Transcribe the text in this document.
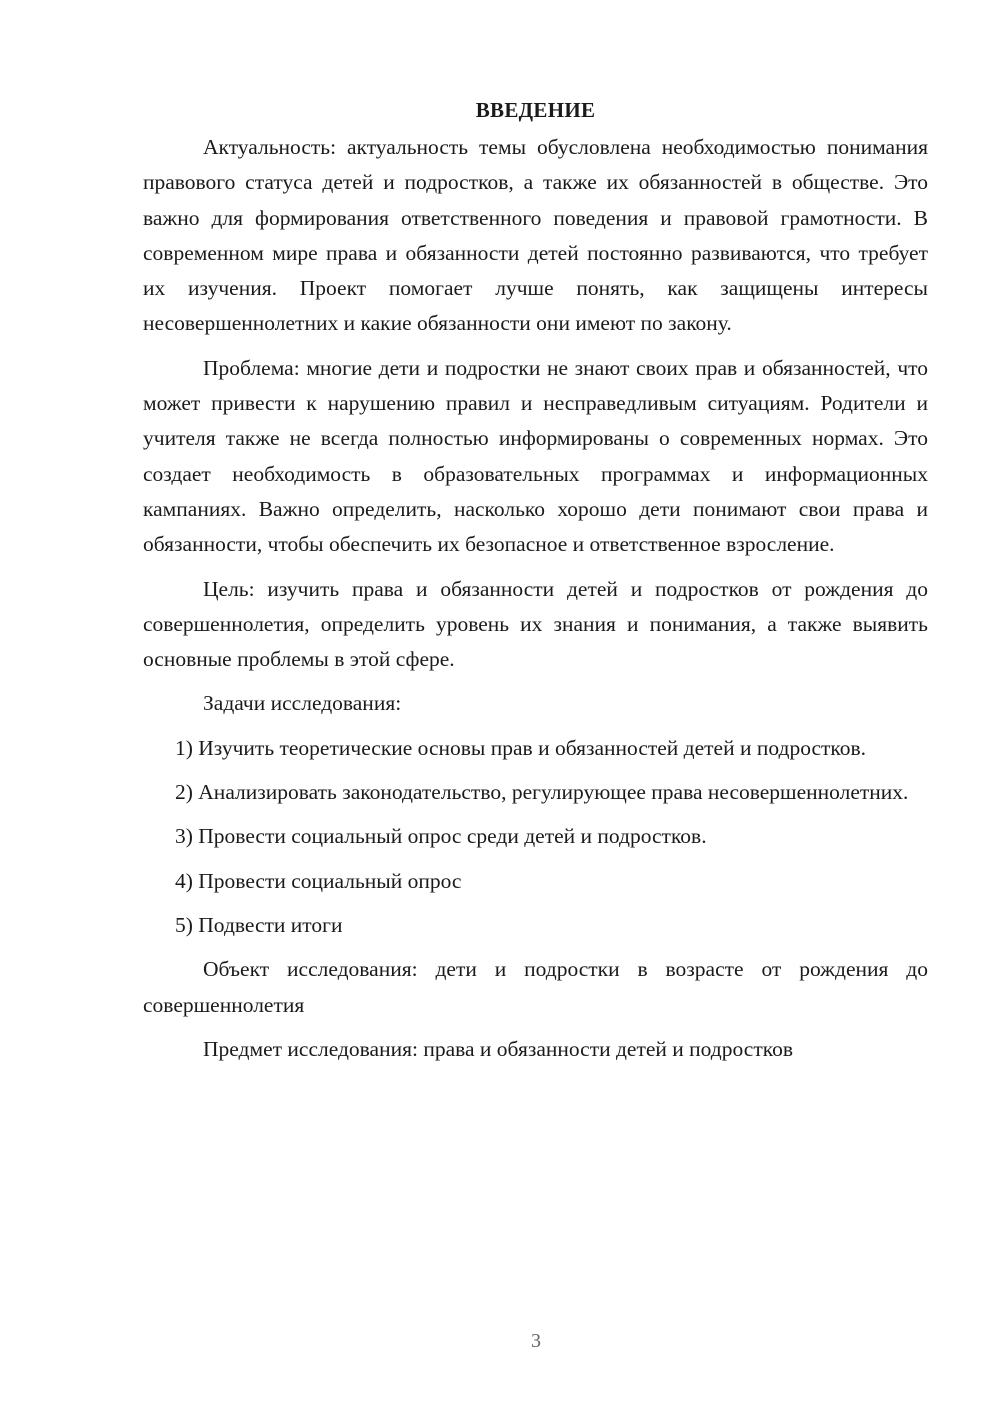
ВВЕДЕНИЕ

Актуальность: актуальность темы обусловлена необходимостью понимания правового статуса детей и подростков, а также их обязанностей в обществе. Это важно для формирования ответственного поведения и правовой грамотности. В современном мире права и обязанности детей постоянно развиваются, что требует их изучения. Проект помогает лучше понять, как защищены интересы несовершеннолетних и какие обязанности они имеют по закону.

Проблема: многие дети и подростки не знают своих прав и обязанностей, что может привести к нарушению правил и несправедливым ситуациям. Родители и учителя также не всегда полностью информированы о современных нормах. Это создает необходимость в образовательных программах и информационных кампаниях. Важно определить, насколько хорошо дети понимают свои права и обязанности, чтобы обеспечить их безопасное и ответственное взросление.

Цель: изучить права и обязанности детей и подростков от рождения до совершеннолетия, определить уровень их знания и понимания, а также выявить основные проблемы в этой сфере.

Задачи исследования:

1) Изучить теоретические основы прав и обязанностей детей и подростков.

2) Анализировать законодательство, регулирующее права несовершеннолетних.

3) Провести социальный опрос среди детей и подростков.

4) Провести социальный опрос

5) Подвести итоги

Объект исследования: дети и подростки в возрасте от рождения до совершеннолетия

Предмет исследования: права и обязанности детей и подростков

3
